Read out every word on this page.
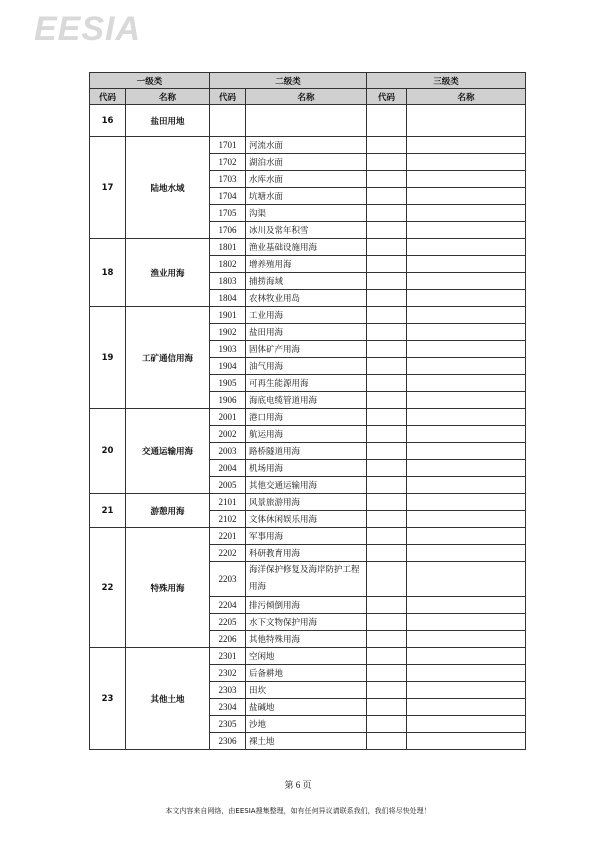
EESIA
一级类		二级类		三级类	
代码	名称	代码	名称	代码	名称
16	盐田用地				
17	陆地水域	1701	河流水面		
		1702	湖泊水面		
		1703	水库水面		
		1704	坑塘水面		
		1705	沟渠		
		1706	冰川及常年积雪		
18	渔业用海	1801	渔业基础设施用海		
		1802	增养殖用海		
		1803	捕捞海域		
		1804	农林牧业用岛		
19	工矿通信用海	1901	工业用海		
		1902	盐田用海		
		1903	固体矿产用海		
		1904	油气用海		
		1905	可再生能源用海		
		1906	海底电缆管道用海		
20	交通运输用海	2001	港口用海		
		2002	航运用海		
		2003	路桥隧道用海		
		2004	机场用海		
		2005	其他交通运输用海		
21	游憩用海	2101	风景旅游用海		
		2102	文体休闲娱乐用海		
22	特殊用海	2201	军事用海		
		2202	科研教育用海		
		2203	海洋保护修复及海岸防护工程用海		
		2204	排污倾倒用海		
		2205	水下文物保护用海		
		2206	其他特殊用海		
23	其他土地	2301	空闲地		
		2302	后备耕地		
		2303	田坎		
		2304	盐碱地		
		2305	沙地		
		2306	裸土地		
第 6 页
本文内容来自网络，由EESIA搜集整理，如有任何异议请联系我们，我们将尽快处理！
